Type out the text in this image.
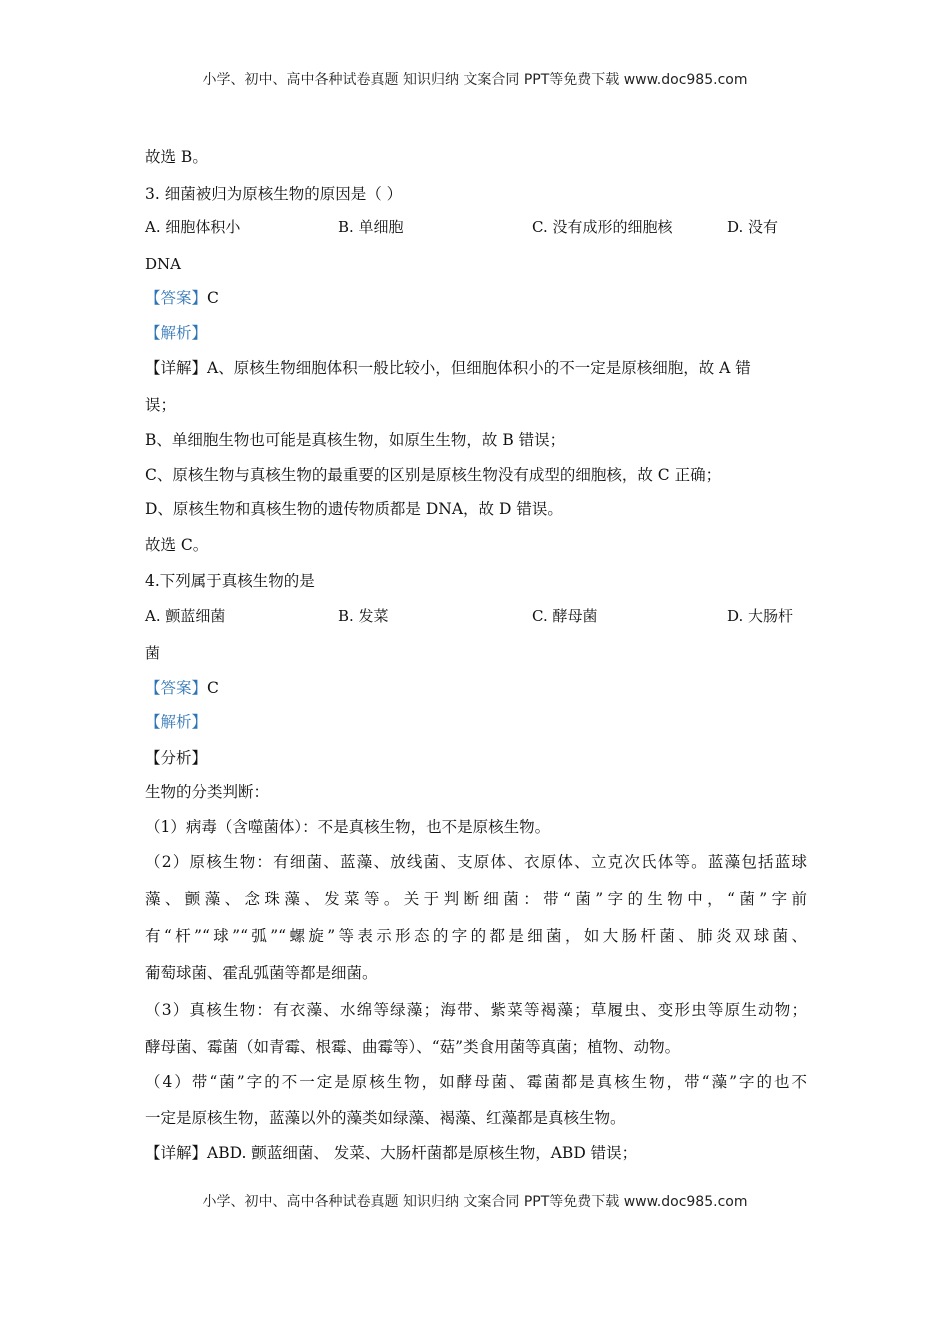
小学、初中、高中各种试卷真题 知识归纳 文案合同 PPT等免费下载 www.doc985.com
故选 B。
3. 细菌被归为原核生物的原因是（ ）
A. 细胞体积小	B. 单细胞	C. 没有成形的细胞核	D. 没有
DNA
【答案】C
【解析】
【详解】A、原核生物细胞体积一般比较小，但细胞体积小的不一定是原核细胞，故 A 错
误；
B、单细胞生物也可能是真核生物，如原生生物，故 B 错误；
C、原核生物与真核生物的最重要的区别是原核生物没有成型的细胞核，故 C 正确；
D、原核生物和真核生物的遗传物质都是 DNA，故 D 错误。
故选 C。
4.下列属于真核生物的是
A. 颤蓝细菌	B. 发菜	C. 酵母菌	D. 大肠杆
菌
【答案】C
【解析】
【分析】
生物的分类判断：
（1）病毒（含噬菌体）：不是真核生物，也不是原核生物。
（2）原核生物：有细菌、蓝藻、放线菌、支原体、衣原体、立克次氏体等。蓝藻包括蓝球
藻、颤藻、念珠藻、发菜等。关于判断细菌：带“菌”字的生物中，“菌”字前
有“杆”“球”“弧”“螺旋”等表示形态的字的都是细菌，如大肠杆菌、肺炎双球菌、
葡萄球菌、霍乱弧菌等都是细菌。
（3）真核生物：有衣藻、水绵等绿藻；海带、紫菜等褐藻；草履虫、变形虫等原生动物；
酵母菌、霉菌（如青霉、根霉、曲霉等）、“菇”类食用菌等真菌；植物、动物。
（4）带“菌”字的不一定是原核生物，如酵母菌、霉菌都是真核生物，带“藻”字的也不
一定是原核生物，蓝藻以外的藻类如绿藻、褐藻、红藻都是真核生物。
【详解】ABD. 颤蓝细菌、 发菜、大肠杆菌都是原核生物，ABD 错误；
小学、初中、高中各种试卷真题 知识归纳 文案合同 PPT等免费下载 www.doc985.com
